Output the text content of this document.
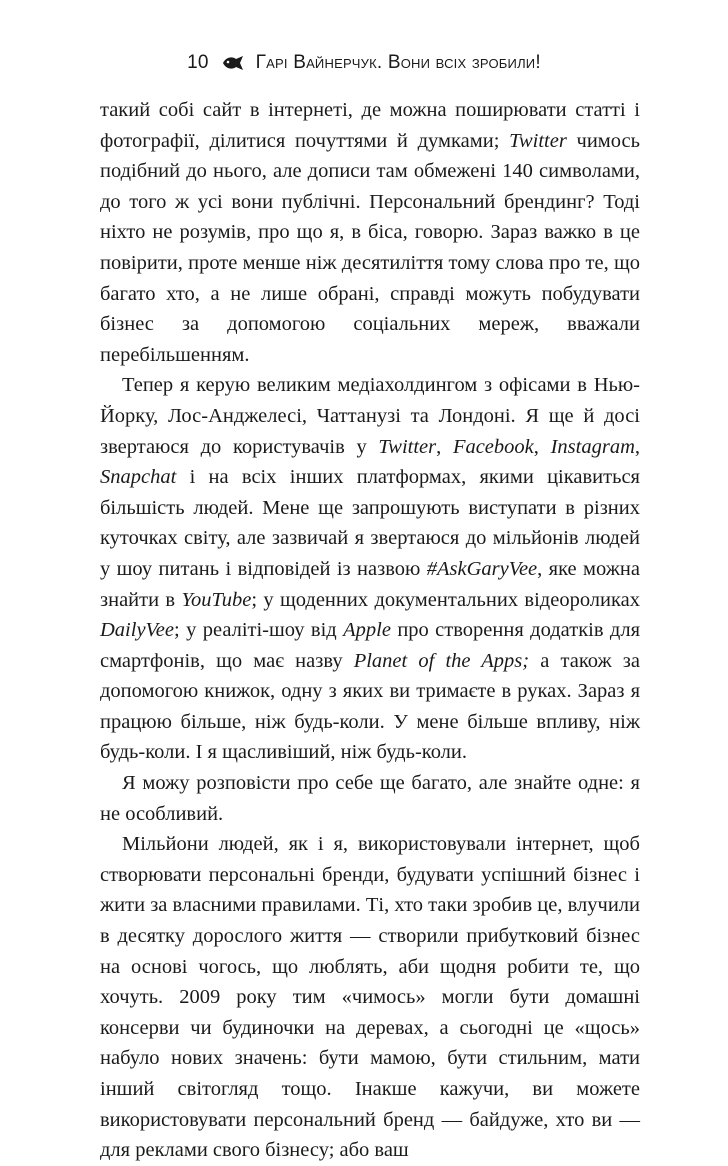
10 Гарі Вайнерчук. Вони всіх зробили!

такий собі сайт в інтернеті, де можна поширювати статті і фотографії, ділитися почуттями й думками; Twitter чимось подібний до нього, але дописи там обмежені 140 символами, до того ж усі вони публічні. Персональний брендинг? Тоді ніхто не розумів, про що я, в біса, говорю. Зараз важко в це повірити, проте менше ніж десятиліття тому слова про те, що багато хто, а не лише обрані, справді можуть побудувати бізнес за допомогою соціальних мереж, вважали перебільшенням.

Тепер я керую великим медіахолдингом з офісами в Нью-Йорку, Лос-Анджелесі, Чаттанузі та Лондоні. Я ще й досі звертаюся до користувачів у Twitter, Facebook, Instagram, Snapchat і на всіх інших платформах, якими цікавиться більшість людей. Мене ще запрошують виступати в різних куточках світу, але зазвичай я звертаюся до мільйонів людей у шоу питань і відповідей із назвою #AskGaryVee, яке можна знайти в YouTube; у щоденних документальних відеороликах DailyVee; у реаліті-шоу від Apple про створення додатків для смартфонів, що має назву Planet of the Apps; а також за допомогою книжок, одну з яких ви тримаєте в руках. Зараз я працюю більше, ніж будь-коли. У мене більше впливу, ніж будь-коли. І я щасливіший, ніж будь-коли.

Я можу розповісти про себе ще багато, але знайте одне: я не особливий.

Мільйони людей, як і я, використовували інтернет, щоб створювати персональні бренди, будувати успішний бізнес і жити за власними правилами. Ті, хто таки зробив це, влучили в десятку дорослого життя — створили прибутковий бізнес на основі чогось, що люблять, аби щодня робити те, що хочуть. 2009 року тим «чимось» могли бути домашні консерви чи будиночки на деревах, а сьогодні це «щось» набуло нових значень: бути мамою, бути стильним, мати інший світогляд тощо. Інакше кажучи, ви можете використовувати персональний бренд — байдуже, хто ви — для реклами свого бізнесу; або ваш
